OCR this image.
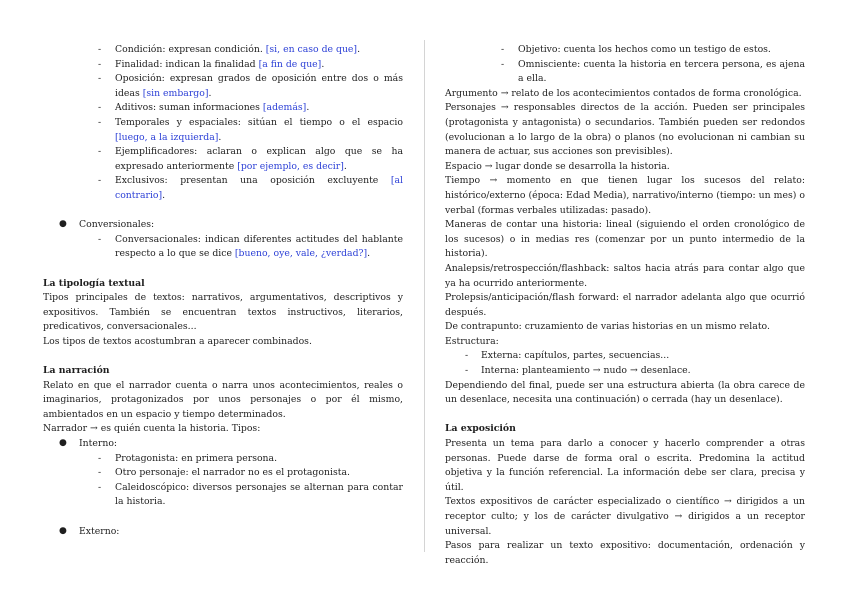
- Condición: expresan condición. [si, en caso de que].
- Finalidad: indican la finalidad [a fin de que].
- Oposición: expresan grados de oposición entre dos o más ideas [sin embargo].
- Aditivos: suman informaciones [además].
- Temporales y espaciales: sitúan el tiempo o el espacio [luego, a la izquierda].
- Ejemplificadores: aclaran o explican algo que se ha expresado anteriormente [por ejemplo, es decir].
- Exclusivos: presentan una oposición excluyente [al contrario].
● Conversionales:
- Conversacionales: indican diferentes actitudes del hablante respecto a lo que se dice [bueno, oye, vale, ¿verdad?].
La tipología textual

Tipos principales de textos: narrativos, argumentativos, descriptivos y expositivos. También se encuentran textos instructivos, literarios, predicativos, conversacionales...

Los tipos de textos acostumbran a aparecer combinados.

La narración

Relato en que el narrador cuenta o narra unos acontecimientos, reales o imaginarios, protagonizados por unos personajes o por él mismo, ambientados en un espacio y tiempo determinados.

Narrador → es quién cuenta la historia. Tipos:

● Interno:
- Protagonista: en primera persona.
- Otro personaje: el narrador no es el protagonista.
- Caleidoscópico: diversos personajes se alternan para contar la historia.
● Externo:
- Objetivo: cuenta los hechos como un testigo de estos.
- Omnisciente: cuenta la historia en tercera persona, es ajena a ella.

Argumento → relato de los acontecimientos contados de forma cronológica.

Personajes → responsables directos de la acción. Pueden ser principales (protagonista y antagonista) o secundarios. También pueden ser redondos (evolucionan a lo largo de la obra) o planos (no evolucionan ni cambian su manera de actuar, sus acciones son previsibles).

Espacio → lugar donde se desarrolla la historia.

Tiempo → momento en que tienen lugar los sucesos del relato: histórico/externo (época: Edad Media), narrativo/interno (tiempo: un mes) o verbal (formas verbales utilizadas: pasado).

Maneras de contar una historia: lineal (siguiendo el orden cronológico de los sucesos) o in medias res (comenzar por un punto intermedio de la historia).

Analepsis/retrospección/flashback: saltos hacia atrás para contar algo que ya ha ocurrido anteriormente.

Prolepsis/anticipación/flash forward: el narrador adelanta algo que ocurrió después.

De contrapunto: cruzamiento de varias historias en un mismo relato.

Estructura:

- Externa: capítulos, partes, secuencias...
- Interna: planteamiento → nudo → desenlace.

Dependiendo del final, puede ser una estructura abierta (la obra carece de un desenlace, necesita una continuación) o cerrada (hay un desenlace).

La exposición

Presenta un tema para darlo a conocer y hacerlo comprender a otras personas. Puede darse de forma oral o escrita. Predomina la actitud objetiva y la función referencial. La información debe ser clara, precisa y útil.

Textos expositivos de carácter especializado o científico → dirigidos a un receptor culto; y los de carácter divulgativo → dirigidos a un receptor universal.

Pasos para realizar un texto expositivo: documentación, ordenación y reacción.
